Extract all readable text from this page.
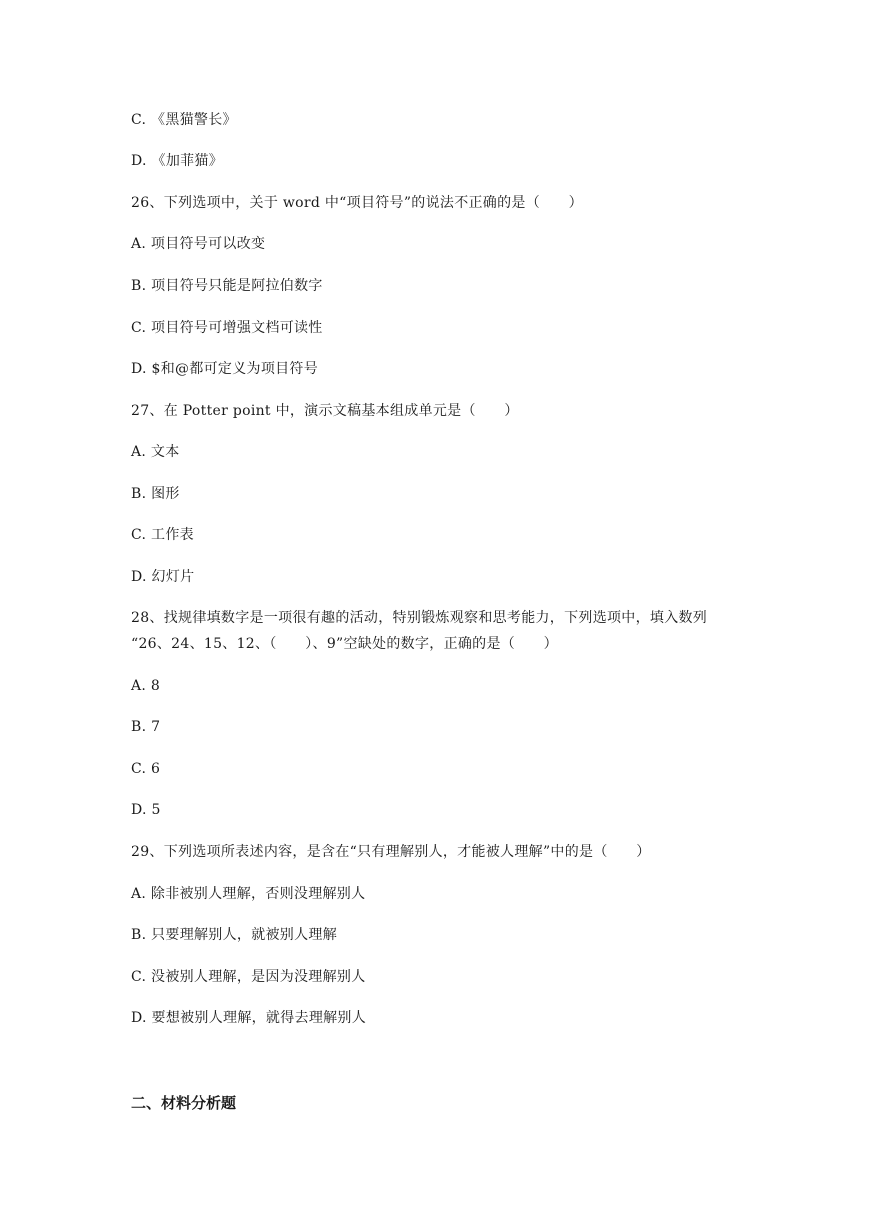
C. 《黑猫警长》
D. 《加菲猫》
26、下列选项中，关于 word 中“项目符号”的说法不正确的是（　　）
A. 项目符号可以改变
B. 项目符号只能是阿拉伯数字
C. 项目符号可增强文档可读性
D. $和@都可定义为项目符号
27、在 Potter point 中，演示文稿基本组成单元是（　　）
A. 文本
B. 图形
C. 工作表
D. 幻灯片
28、找规律填数字是一项很有趣的活动，特别锻炼观察和思考能力，下列选项中，填入数列
“26、24、15、12、（　　）、9”空缺处的数字，正确的是（　　）
A. 8
B. 7
C. 6
D. 5
29、下列选项所表述内容，是含在“只有理解别人，才能被人理解”中的是（　　）
A. 除非被别人理解，否则没理解别人
B. 只要理解别人，就被别人理解
C. 没被别人理解，是因为没理解别人
D. 要想被别人理解，就得去理解别人
二、材料分析题
